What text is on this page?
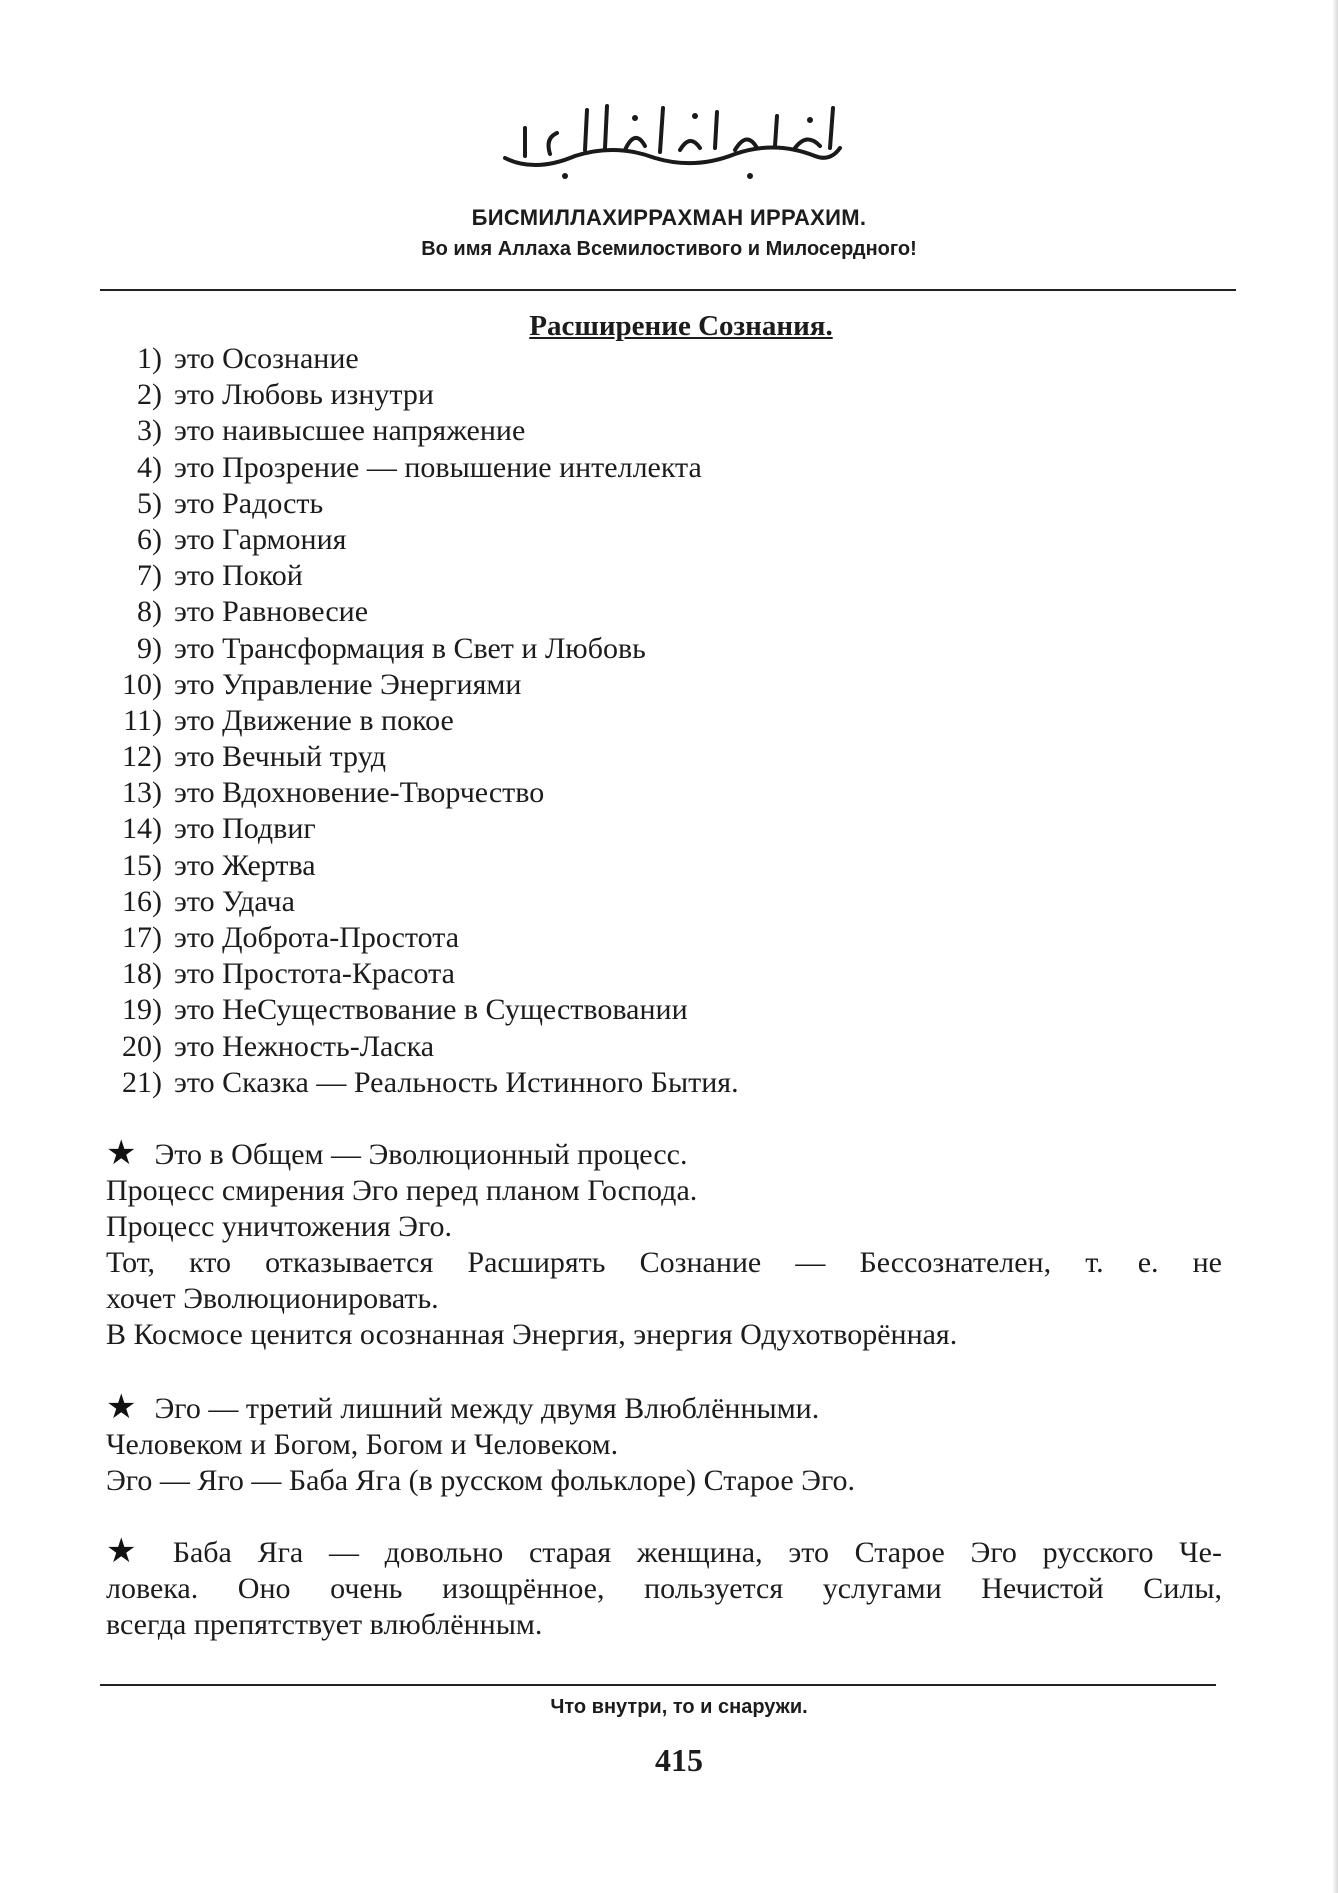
БИСМИЛЛАХИРРАХМАН ИРРАХИМ.
Во имя Аллаха Всемилостивого и Милосердного!
Расширение Сознания.
1) это Осознание
2) это Любовь изнутри
3) это наивысшее напряжение
4) это Прозрение — повышение интеллекта
5) это Радость
6) это Гармония
7) это Покой
8) это Равновесие
9) это Трансформация в Свет и Любовь
10) это Управление Энергиями
11) это Движение в покое
12) это Вечный труд
13) это Вдохновение-Творчество
14) это Подвиг
15) это Жертва
16) это Удача
17) это Доброта-Простота
18) это Простота-Красота
19) это НеСуществование в Существовании
20) это Нежность-Ласка
21) это Сказка — Реальность Истинного Бытия.
★ Это в Общем — Эволюционный процесс.
Процесс смирения Эго перед планом Господа.
Процесс уничтожения Эго.
Тот, кто отказывается Расширять Сознание — Бессознателен, т. е. не
хочет Эволюционировать.
В Космосе ценится осознанная Энергия, энергия Одухотворённая.
★ Эго — третий лишний между двумя Влюблёнными.
Человеком и Богом, Богом и Человеком.
Эго — Яго — Баба Яга (в русском фольклоре) Старое Эго.
★ Баба Яга — довольно старая женщина, это Старое Эго русского Че-
ловека. Оно очень изощрённое, пользуется услугами Нечистой Силы,
всегда препятствует влюблённым.
Что внутри, то и снаружи.
415
